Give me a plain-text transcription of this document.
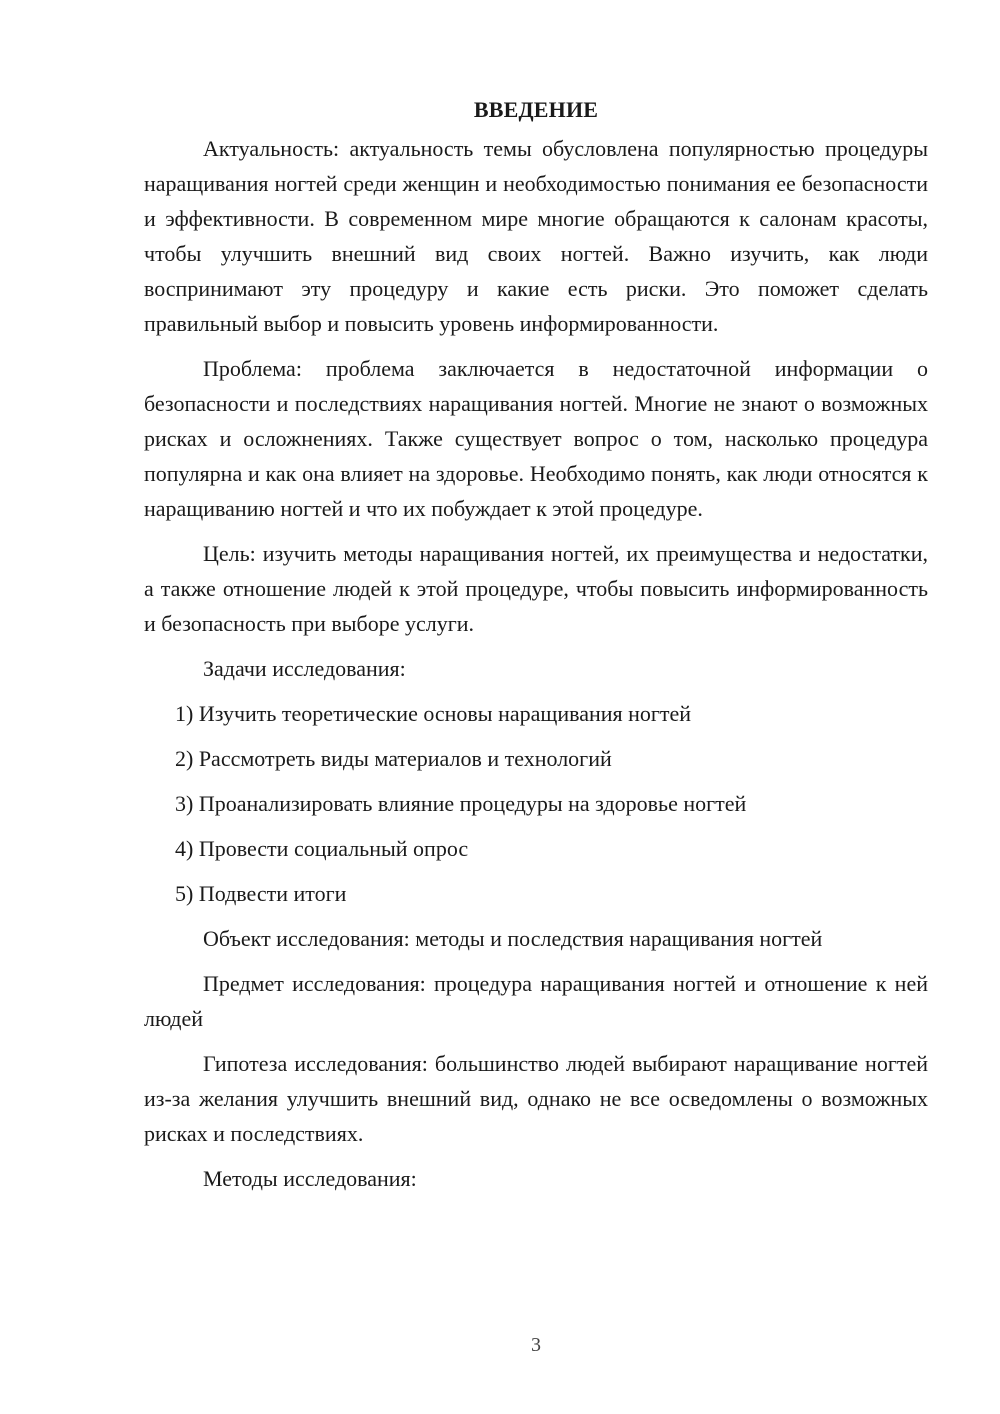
ВВЕДЕНИЕ

Актуальность: актуальность темы обусловлена популярностью процедуры наращивания ногтей среди женщин и необходимостью понимания ее безопасности и эффективности. В современном мире многие обращаются к салонам красоты, чтобы улучшить внешний вид своих ногтей. Важно изучить, как люди воспринимают эту процедуру и какие есть риски. Это поможет сделать правильный выбор и повысить уровень информированности.

Проблема: проблема заключается в недостаточной информации о безопасности и последствиях наращивания ногтей. Многие не знают о возможных рисках и осложнениях. Также существует вопрос о том, насколько процедура популярна и как она влияет на здоровье. Необходимо понять, как люди относятся к наращиванию ногтей и что их побуждает к этой процедуре.

Цель: изучить методы наращивания ногтей, их преимущества и недостатки, а также отношение людей к этой процедуре, чтобы повысить информированность и безопасность при выборе услуги.

Задачи исследования:
1) Изучить теоретические основы наращивания ногтей
2) Рассмотреть виды материалов и технологий
3) Проанализировать влияние процедуры на здоровье ногтей
4) Провести социальный опрос
5) Подвести итоги
Объект исследования: методы и последствия наращивания ногтей

Предмет исследования: процедура наращивания ногтей и отношение к ней людей

Гипотеза исследования: большинство людей выбирают наращивание ногтей из-за желания улучшить внешний вид, однако не все осведомлены о возможных рисках и последствиях.

Методы исследования:
3
